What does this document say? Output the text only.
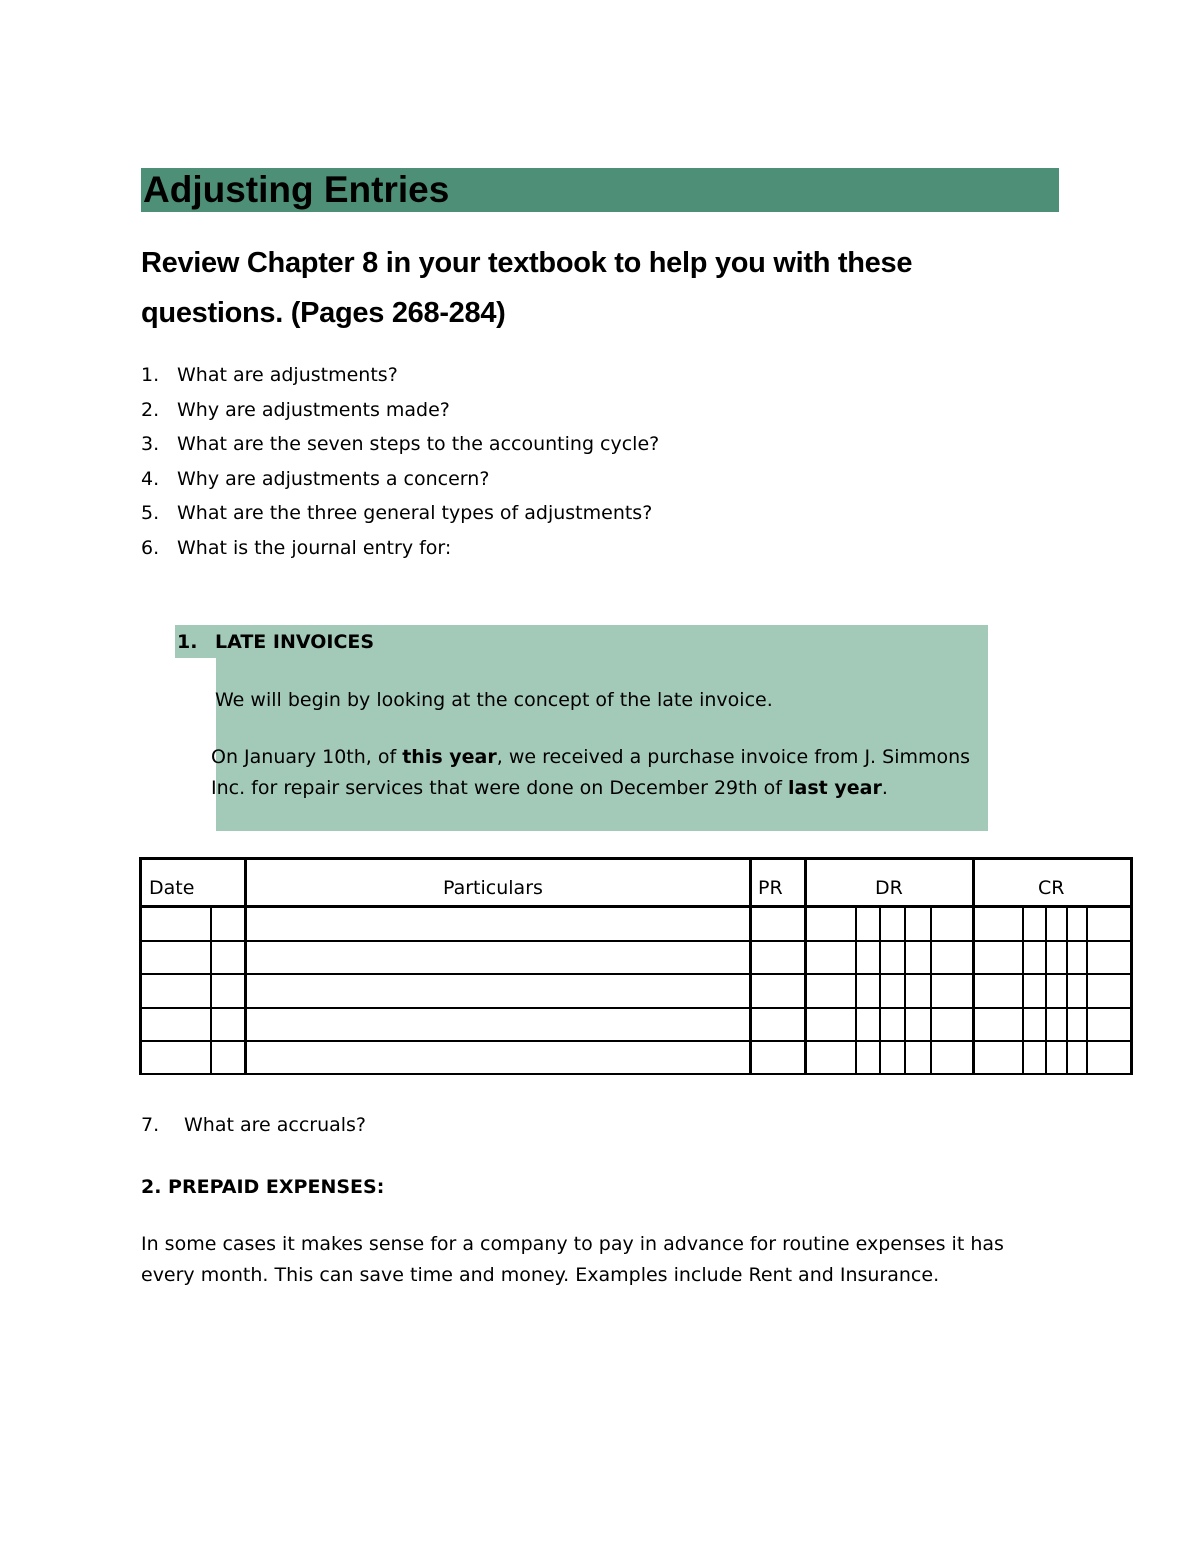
Adjusting Entries

Review Chapter 8 in your textbook to help you with these questions. (Pages 268-284)

1. What are adjustments?
2. Why are adjustments made?
3. What are the seven steps to the accounting cycle?
4. Why are adjustments a concern?
5. What are the three general types of adjustments?
6. What is the journal entry for:
1. LATE INVOICES
We will begin by looking at the concept of the late invoice.

On January 10th, of this year, we received a purchase invoice from J. Simmons Inc. for repair services that were done on December 29th of last year.

Date	Particulars	PR	DR	CR
7. What are accruals?
2. PREPAID EXPENSES:

In some cases it makes sense for a company to pay in advance for routine expenses it has every month. This can save time and money. Examples include Rent and Insurance.
